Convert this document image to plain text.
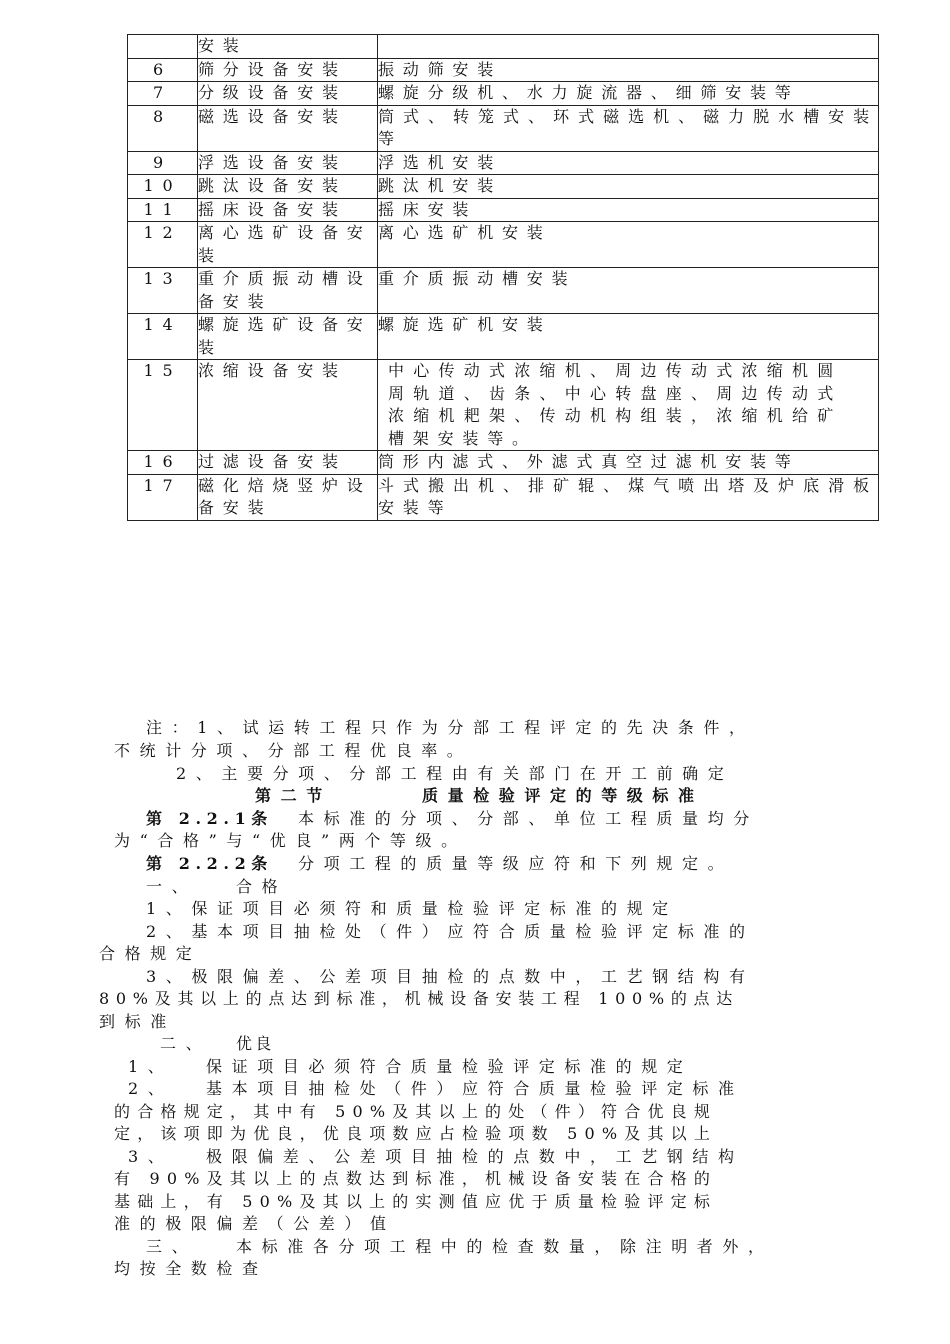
	安装	
6	筛分设备安装	振动筛安装
7	分级设备安装	螺旋分级机、水力旋流器、细筛安装等
8	磁选设备安装	筒式、转笼式、环式磁选机、磁力脱水槽安装等
9	浮选设备安装	浮选机安装
10	跳汰设备安装	跳汰机安装
11	摇床设备安装	摇床安装
12	离心选矿设备安装	离心选矿机安装
13	重介质振动槽设备安装	重介质振动槽安装
14	螺旋选矿设备安装	螺旋选矿机安装
15	浓缩设备安装	中心传动式浓缩机、周边传动式浓缩机圆周轨道、齿条、中心转盘座、周边传动式浓缩机耙架、传动机构组装，浓缩机给矿槽架安装等。
16	过滤设备安装	筒形内滤式、外滤式真空过滤机安装等
17	磁化焙烧竖炉设备安装	斗式搬出机、排矿辊、煤气喷出塔及炉底滑板安装等
注：1、试运转工程只作为分部工程评定的先决条件，
不统计分项、分部工程优良率。
2、主要分项、分部工程由有关部门在开工前确定
第二节	质量检验评定的等级标准
第 2.2.1条 本标准的分项、分部、单位工程质量均分
为“合格”与“优良”两个等级。
第 2.2.2条 分项工程的质量等级应符和下列规定。
一、 合格
1、保证项目必须符和质量检验评定标准的规定
2、基本项目抽检处（件）应符合质量检验评定标准的
合格规定
3、极限偏差、公差项目抽检的点数中，工艺钢结构有
80%及其以上的点达到标准，机械设备安装工程 100%的点达
到标准
二、 优良
1、 保证项目必须符合质量检验评定标准的规定
2、 基本项目抽检处（件）应符合质量检验评定标准
的合格规定，其中有 50%及其以上的处（件）符合优良规
定，该项即为优良，优良项数应占检验项数 50%及其以上
3、 极限偏差、公差项目抽检的点数中，工艺钢结构
有 90%及其以上的点数达到标准，机械设备安装在合格的
基础上，有 50%及其以上的实测值应优于质量检验评定标
准的极限偏差（公差）值
三、 本标准各分项工程中的检查数量，除注明者外，
均按全数检查
